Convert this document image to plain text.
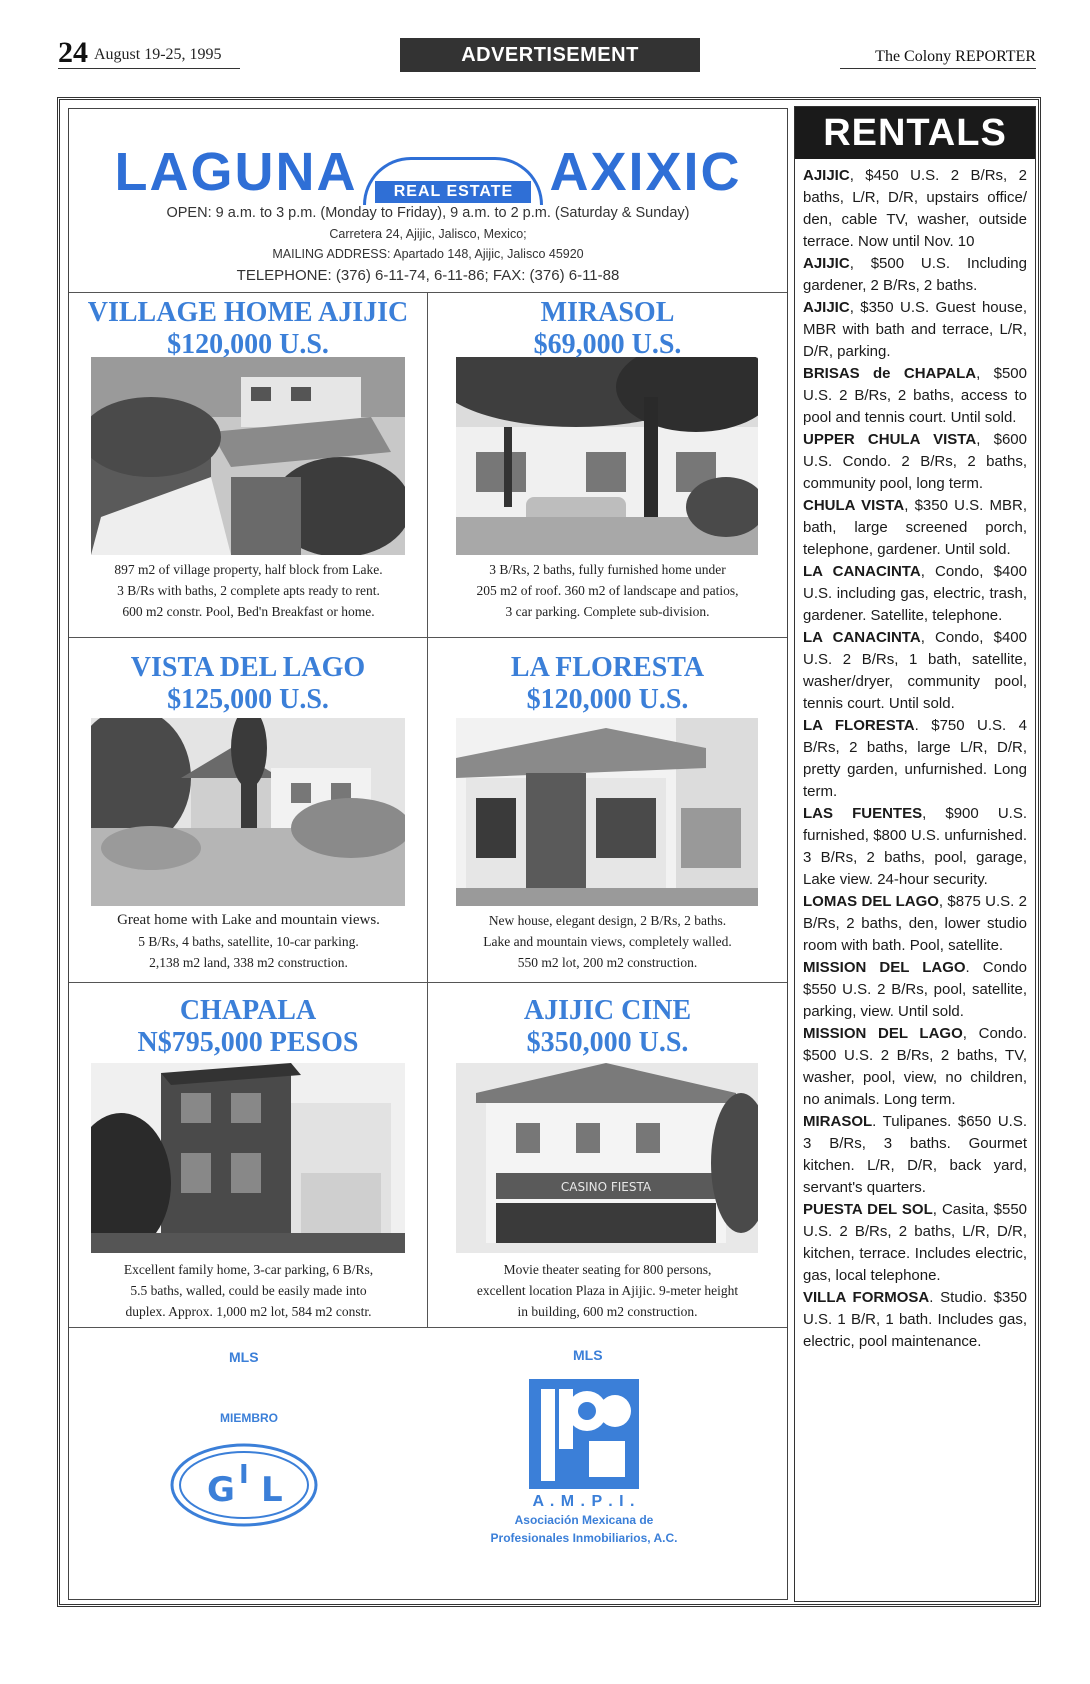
24 August 19-25, 1995	ADVERTISEMENT	The Colony REPORTER
LAGUNA	REAL ESTATE AXIXIC
OPEN: 9 a.m. to 3 p.m. (Monday to Friday), 9 a.m. to 2 p.m. (Saturday & Sunday)
Carretera 24, Ajijic, Jalisco, Mexico;
MAILING ADDRESS: Apartado 148, Ajijic, Jalisco 45920
TELEPHONE: (376) 6-11-74, 6-11-86; FAX: (376) 6-11-88
VILLAGE HOME AJIJIC
$120,000 U.S.
897 m2 of village property, half block from Lake.
3 B/Rs with baths, 2 complete apts ready to rent.
600 m2 constr. Pool, Bed'n Breakfast or home.
MIRASOL
$69,000 U.S.
3 B/Rs, 2 baths, fully furnished home under
205 m2 of roof. 360 m2 of landscape and patios,
3 car parking. Complete sub-division.
VISTA DEL LAGO
$125,000 U.S.
Great home with Lake and mountain views.
5 B/Rs, 4 baths, satellite, 10-car parking.
2,138 m2 land, 338 m2 construction.
LA FLORESTA
$120,000 U.S.
New house, elegant design, 2 B/Rs, 2 baths.
Lake and mountain views, completely walled.
550 m2 lot, 200 m2 construction.
CHAPALA
N$795,000 PESOS
Excellent family home, 3-car parking, 6 B/Rs,
5.5 baths, walled, could be easily made into
duplex. Approx. 1,000 m2 lot, 584 m2 constr.
AJIJIC CINE
$350,000 U.S.
CASINO FIESTA
Movie theater seating for 800 persons,
excellent location Plaza in Ajijic. 9-meter height
in building, 600 m2 construction.
MLS
MIEMBRO
G I L
MLS
A . M . P . I .
Asociación Mexicana de
Profesionales Inmobiliarios, A.C.
RENTALS
AJIJIC, $450 U.S. 2 B/Rs, 2 baths, L/R, D/R, upstairs office/ den, cable TV, washer, outside terrace. Now until Nov. 10
AJIJIC, $500 U.S. Including gardener, 2 B/Rs, 2 baths.
AJIJIC, $350 U.S. Guest house, MBR with bath and terrace, L/R, D/R, parking.
BRISAS de CHAPALA, $500 U.S. 2 B/Rs, 2 baths, access to pool and tennis court. Until sold.
UPPER CHULA VISTA, $600 U.S. Condo. 2 B/Rs, 2 baths, community pool, long term.
CHULA VISTA, $350 U.S. MBR, bath, large screened porch, telephone, gardener. Until sold.
LA CANACINTA, Condo, $400 U.S. including gas, electric, trash, gardener. Satellite, telephone.
LA CANACINTA, Condo, $400 U.S. 2 B/Rs, 1 bath, satellite, washer/dryer, community pool, tennis court. Until sold.
LA FLORESTA. $750 U.S. 4 B/Rs, 2 baths, large L/R, D/R, pretty garden, unfurnished. Long term.
LAS FUENTES, $900 U.S. furnished, $800 U.S. unfurnished. 3 B/Rs, 2 baths, pool, garage, Lake view. 24-hour security.
LOMAS DEL LAGO, $875 U.S. 2 B/Rs, 2 baths, den, lower studio room with bath. Pool, satellite.
MISSION DEL LAGO. Condo $550 U.S. 2 B/Rs, pool, satellite, parking, view. Until sold.
MISSION DEL LAGO, Condo. $500 U.S. 2 B/Rs, 2 baths, TV, washer, pool, view, no children, no animals. Long term.
MIRASOL. Tulipanes. $650 U.S. 3 B/Rs, 3 baths. Gourmet kitchen. L/R, D/R, back yard, servant's quarters.
PUESTA DEL SOL, Casita, $550 U.S. 2 B/Rs, 2 baths, L/R, D/R, kitchen, terrace. Includes electric, gas, local telephone.
VILLA FORMOSA. Studio. $350 U.S. 1 B/R, 1 bath. Includes gas, electric, pool maintenance.
